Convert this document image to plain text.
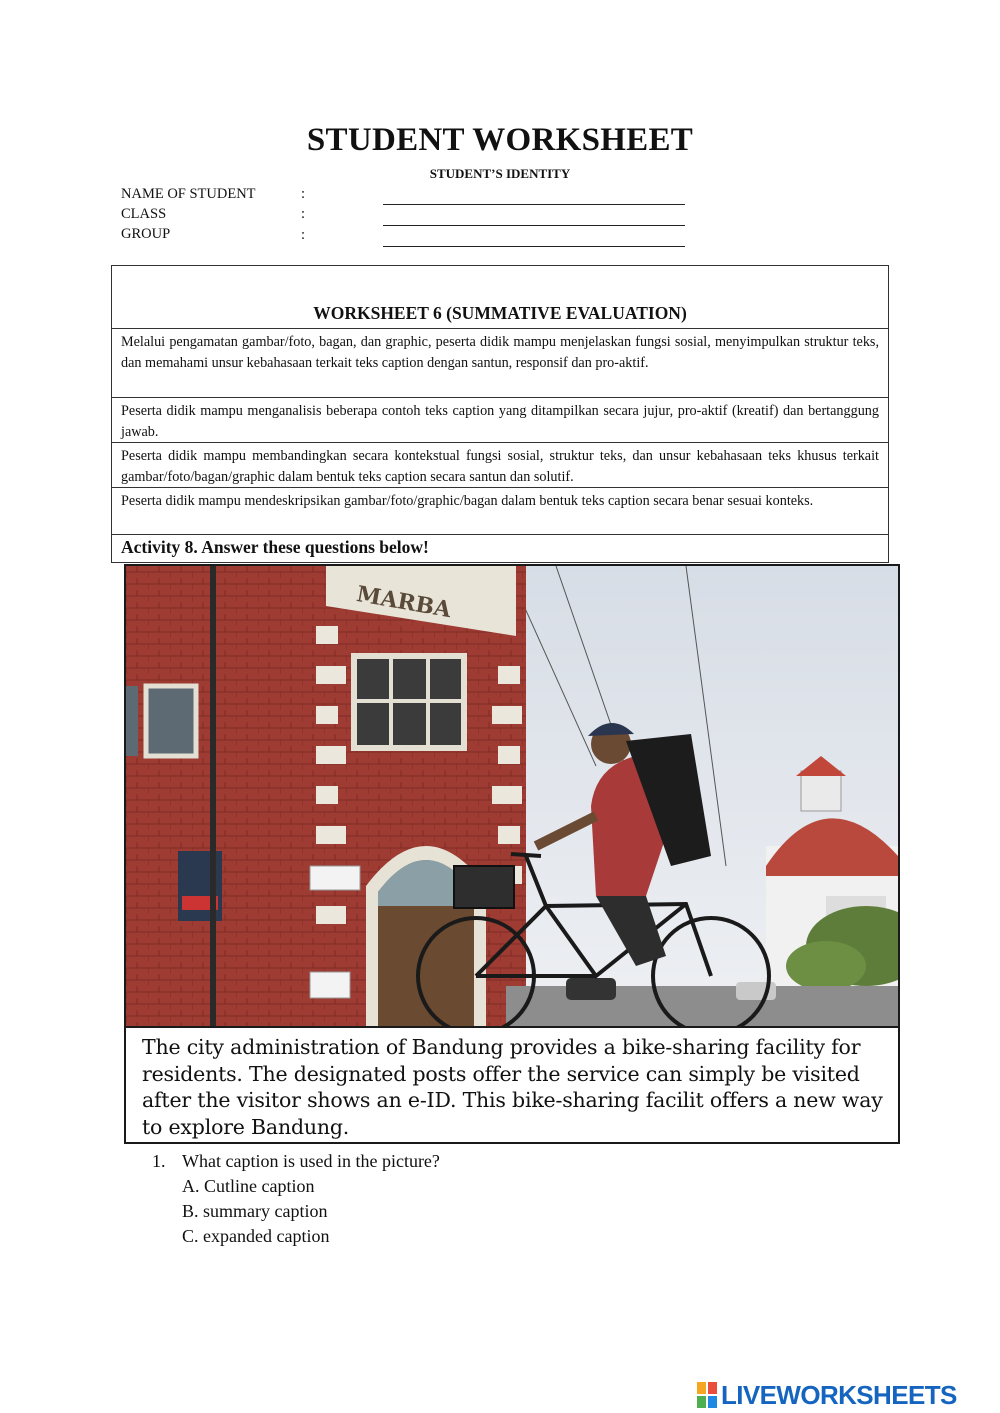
STUDENT WORKSHEET
STUDENT’S IDENTITY
NAME OF STUDENT	:
CLASS	:
GROUP	:
WORKSHEET 6 (SUMMATIVE EVALUATION)
Melalui pengamatan gambar/foto, bagan, dan graphic, peserta didik mampu menjelaskan fungsi sosial, menyimpulkan struktur teks, dan memahami unsur kebahasaan terkait teks caption dengan santun, responsif dan pro-aktif.
Peserta didik mampu menganalisis beberapa contoh teks caption yang ditampilkan secara jujur, pro-aktif (kreatif) dan bertanggung jawab.
Peserta didik mampu membandingkan secara kontekstual fungsi sosial, struktur teks, dan unsur kebahasaan teks khusus terkait gambar/foto/bagan/graphic dalam bentuk teks caption secara santun dan solutif.
Peserta didik mampu mendeskripsikan gambar/foto/graphic/bagan dalam bentuk teks caption secara benar sesuai konteks.
Activity 8. Answer these questions below!
MARBA
The city administration of Bandung provides a bike-sharing facility for residents. The designated posts offer the service can simply be visited after the visitor shows an e-ID. This bike-sharing facilit offers a new way to explore Bandung.
1. What caption is used in the picture?
A. Cutline caption
B. summary caption
C. expanded caption
LIVEWORKSHEETS
